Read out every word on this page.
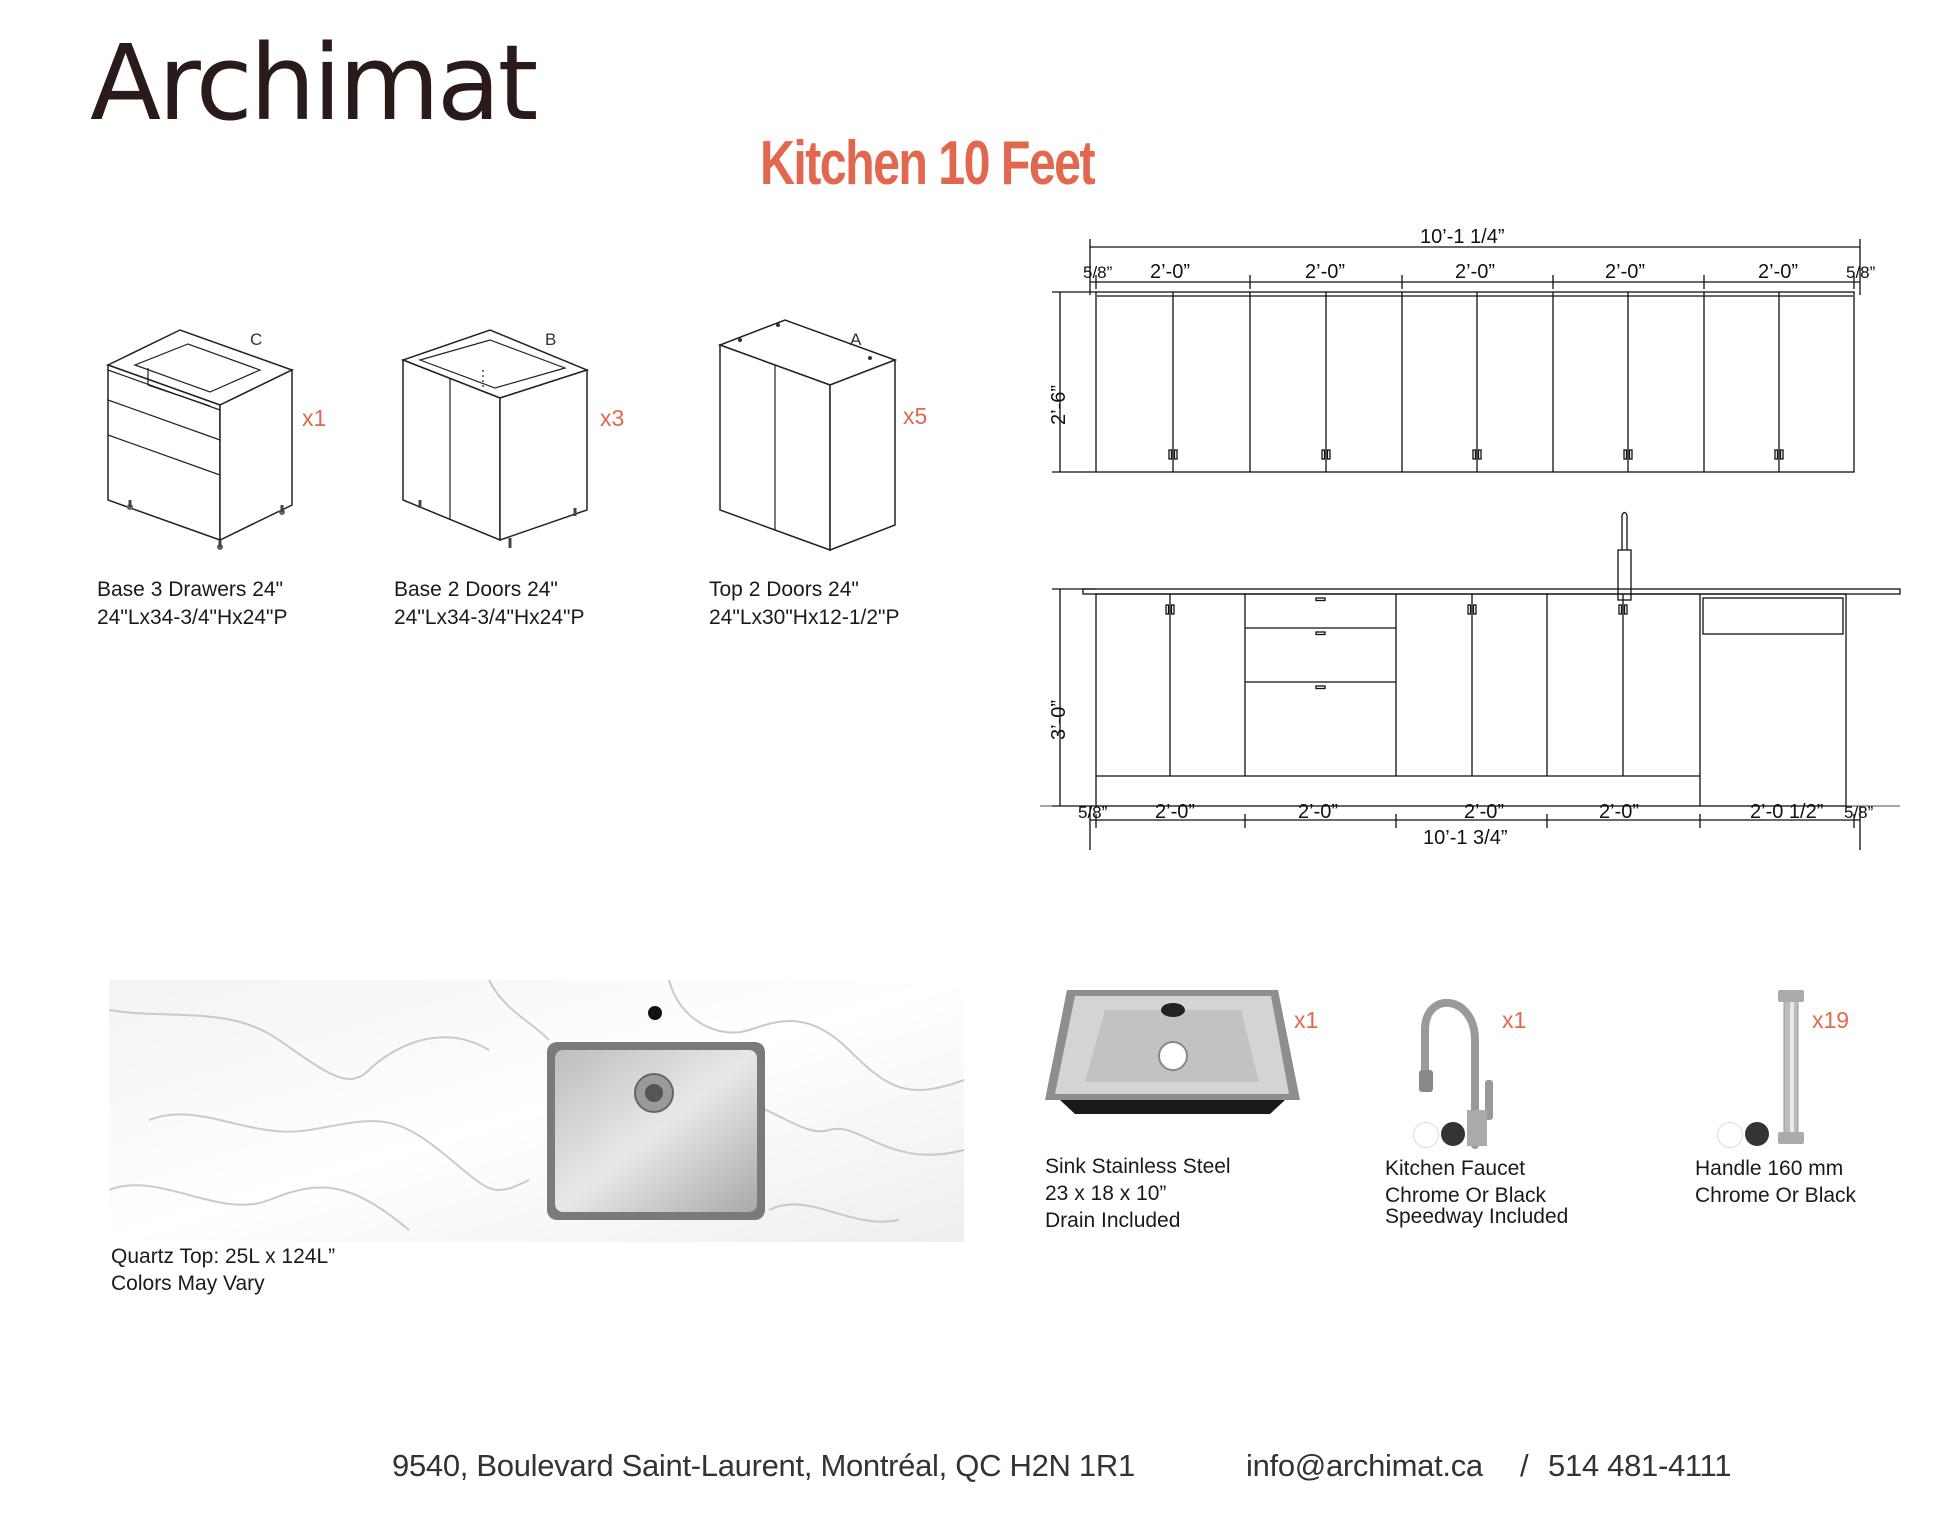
Archimat
Kitchen 10 Feet
C	B	A
x1	x3	x5
Base 3 Drawers 24"
24"Lx34-3/4"Hx24"P
Base 2 Doors 24"
24"Lx34-3/4"Hx24"P
Top 2 Doors 24"
24"Lx30"Hx12-1/2"P
10’-1 1/4”
5/8” 2’-0”	2’-0”	2’-0”	2’-0”	2’-0”	5/8”
2’-6”
5/8” 2’-0”	2’-0”	2’-0”	2’-0”	2’-0 1/2” 5/8”
10’-1 3/4”
3’-0”
Quartz Top: 25L x 124L”
Colors May Vary
x1
Sink Stainless Steel
23 x 18 x 10”
Drain Included
x1
Kitchen Faucet
Chrome Or Black
Speedway Included
x19
Handle 160 mm
Chrome Or Black
9540, Boulevard Saint-Laurent, Montréal, QC H2N 1R1	info@archimat.ca / 514 481-4111
